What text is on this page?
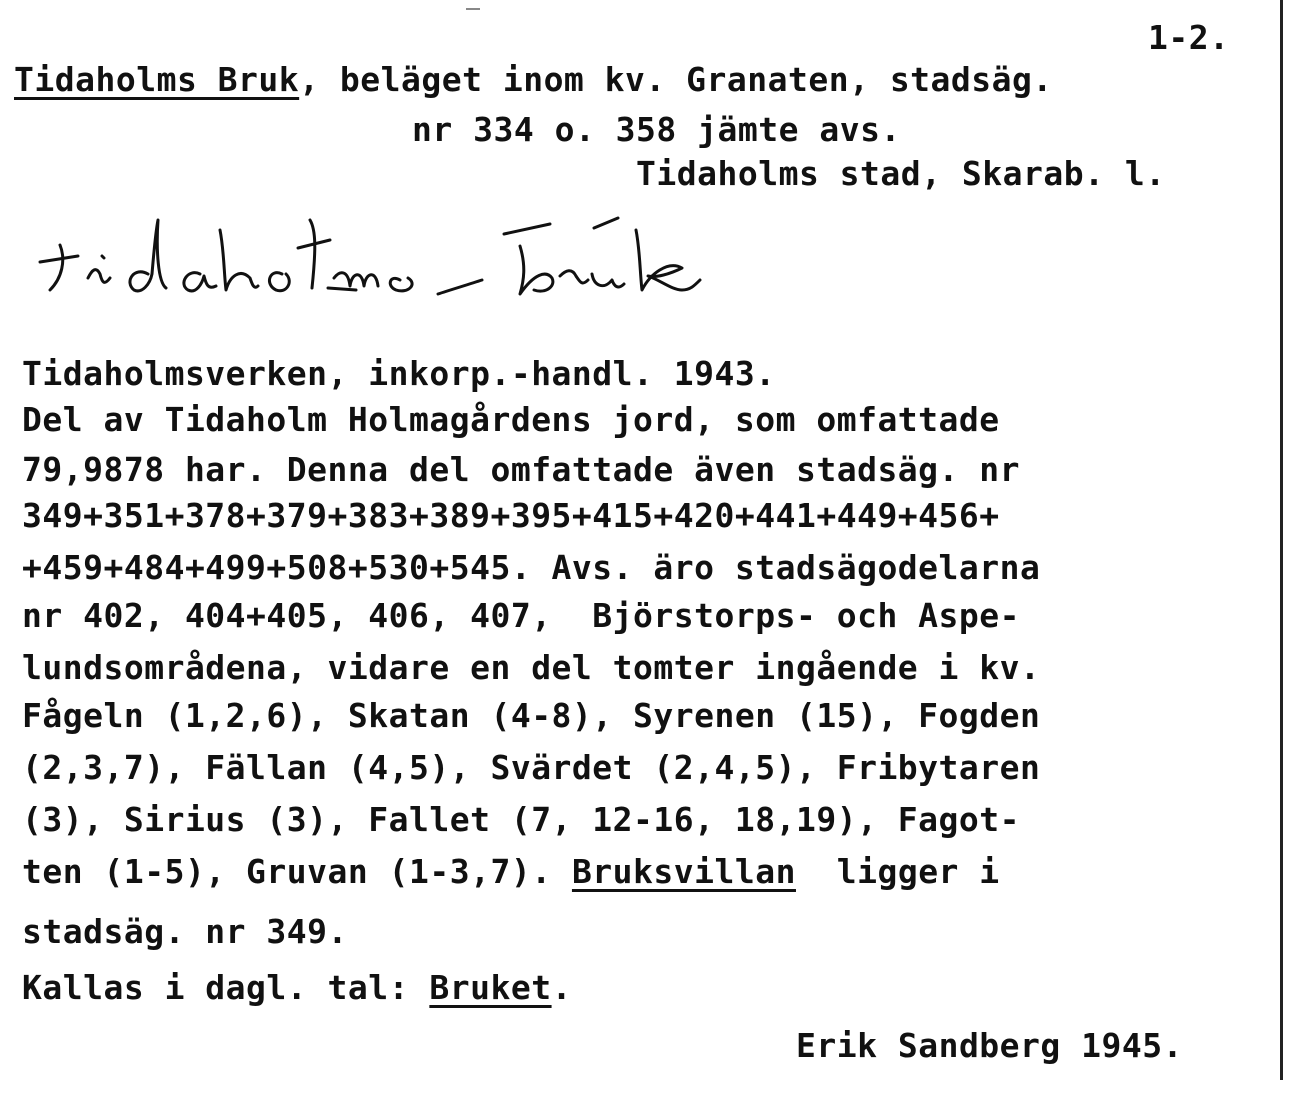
1-2.
Tidaholms Bruk, beläget inom kv. Granaten, stadsäg.
nr 334 o. 358 jämte avs.
Tidaholms stad, Skarab. l.
Tidaholmsverken, inkorp.-handl. 1943.
Del av Tidaholm Holmagårdens jord, som omfattade
79,9878 har. Denna del omfattade även stadsäg. nr
349+351+378+379+383+389+395+415+420+441+449+456+
+459+484+499+508+530+545. Avs. äro stadsägodelarna
nr 402, 404+405, 406, 407,  Björstorps- och Aspe-
lundsområdena, vidare en del tomter ingående i kv.
Fågeln (1,2,6), Skatan (4-8), Syrenen (15), Fogden
(2,3,7), Fällan (4,5), Svärdet (2,4,5), Fribytaren
(3), Sirius (3), Fallet (7, 12-16, 18,19), Fagot-
ten (1-5), Gruvan (1-3,7). Bruksvillan  ligger i
stadsäg. nr 349.
Kallas i dagl. tal: Bruket.
Erik Sandberg 1945.
